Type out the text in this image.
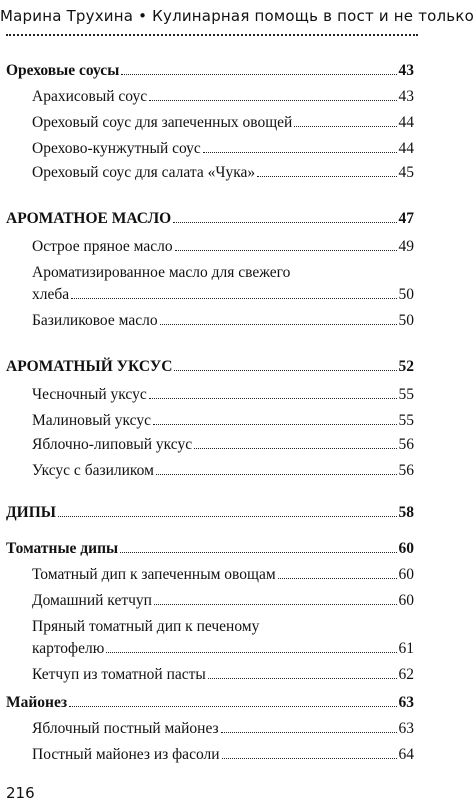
Марина Трухина • Кулинарная помощь в пост и не только
Ореховые соусы	43
Арахисовый соус	43
Ореховый соус для запеченных овощей	44
Орехово-кунжутный соус	44
Ореховый соус для салата «Чука»	45
АРОМАТНОЕ МАСЛО	47
Острое пряное масло	49
Ароматизированное масло для свежего
хлеба	50
Базиликовое масло	50
АРОМАТНЫЙ УКСУС	52
Чесночный уксус	55
Малиновый уксус	55
Яблочно-липовый уксус	56
Уксус с базиликом	56
ДИПЫ	58
Томатные дипы	60
Томатный дип к запеченным овощам	60
Домашний кетчуп	60
Пряный томатный дип к печеному
картофелю	61
Кетчуп из томатной пасты	62
Майонез	63
Яблочный постный майонез	63
Постный майонез из фасоли	64
216
